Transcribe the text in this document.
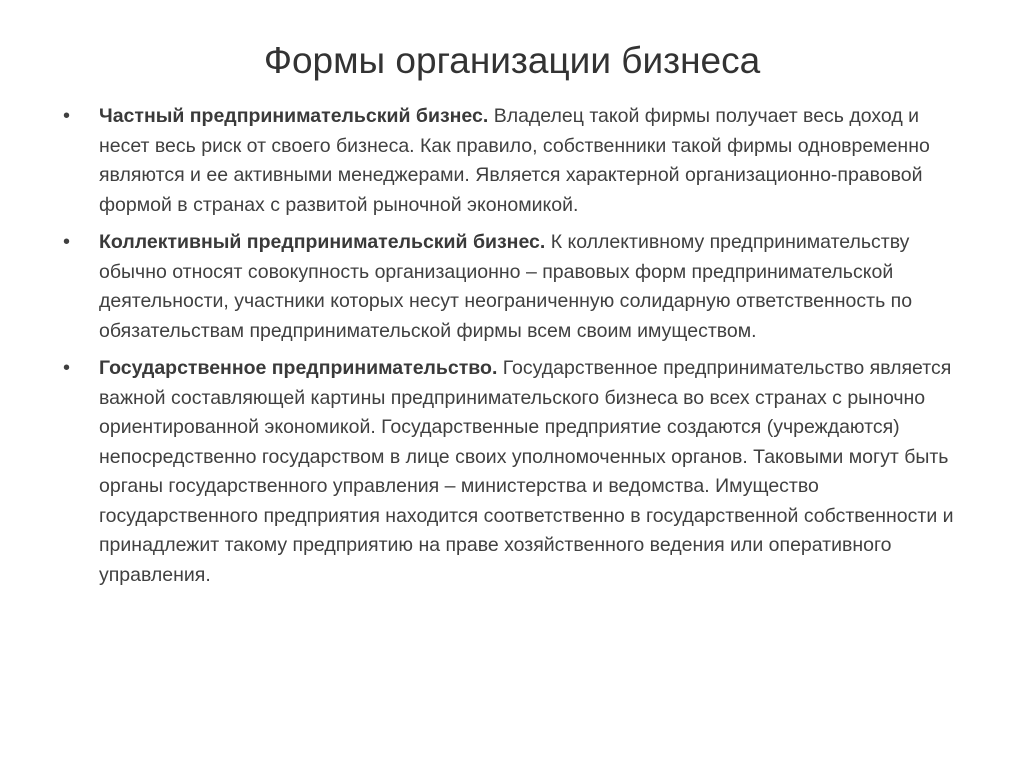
Формы организации бизнеса
• Частный предпринимательский бизнес. Владелец такой фирмы получает весь доход и несет весь риск от своего бизнеса. Как правило, собственники такой фирмы одновременно являются и ее активными менеджерами. Является характерной организационно-правовой формой в странах с развитой рыночной экономикой.
• Коллективный предпринимательский бизнес. К коллективному предпринимательству обычно относят совокупность организационно – правовых форм предпринимательской деятельности, участники которых несут неограниченную солидарную ответственность по обязательствам предпринимательской фирмы всем своим имуществом.
• Государственное предпринимательство. Государственное предпринимательство является важной составляющей картины предпринимательского бизнеса во всех странах с рыночно ориентированной экономикой. Государственные предприятие создаются (учреждаются) непосредственно государством в лице своих уполномоченных органов. Таковыми могут быть органы государственного управления – министерства и ведомства. Имущество государственного предприятия находится соответственно в государственной собственности и принадлежит такому предприятию на праве хозяйственного ведения или оперативного управления.
